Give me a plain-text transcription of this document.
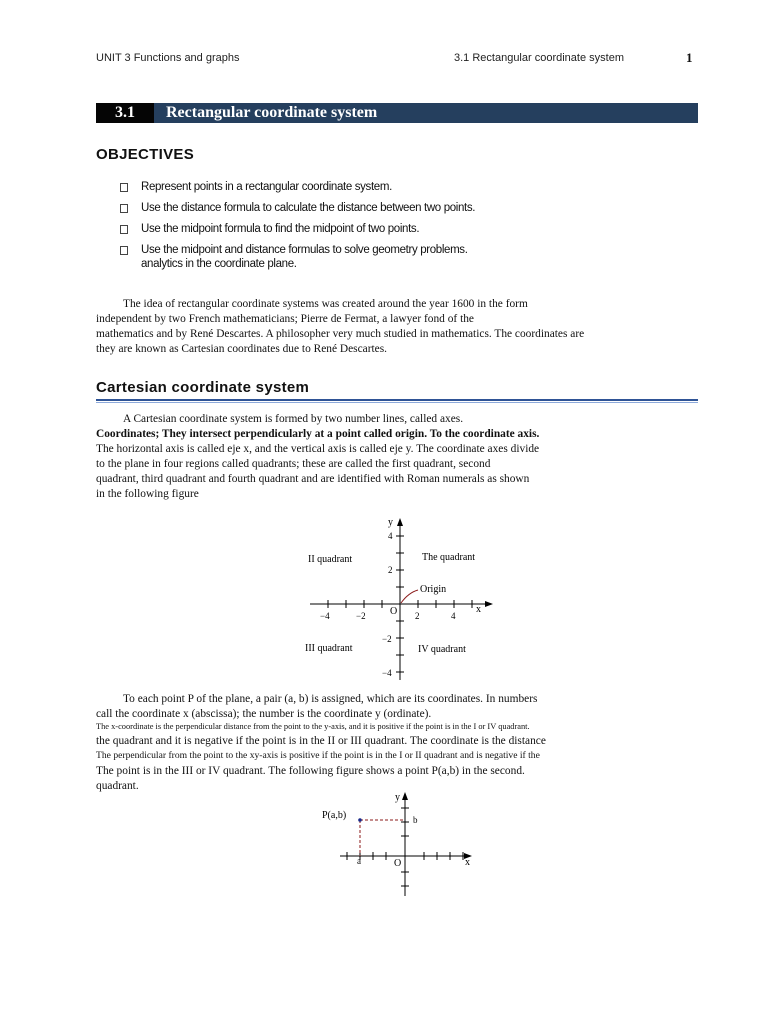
UNIT 3 Functions and graphs	3.1 Rectangular coordinate system	1
3.1	Rectangular coordinate system
OBJECTIVES
Represent points in a rectangular coordinate system.
Use the distance formula to calculate the distance between two points.
Use the midpoint formula to find the midpoint of two points.
Use the midpoint and distance formulas to solve geometry problems.
analytics in the coordinate plane.

The idea of rectangular coordinate systems was created around the year 1600 in the form

independent by two French mathematicians; Pierre de Fermat, a lawyer fond of the

mathematics and by René Descartes. A philosopher very much studied in mathematics. The coordinates are

they are known as Cartesian coordinates due to René Descartes.

Cartesian coordinate system

A Cartesian coordinate system is formed by two number lines, called axes.

Coordinates; They intersect perpendicularly at a point called origin. To the coordinate axis.

The horizontal axis is called eje x, and the vertical axis is called eje y. The coordinate axes divide

to the plane in four regions called quadrants; these are called the first quadrant, second

quadrant, third quadrant and fourth quadrant and are identified with Roman numerals as shown

in the following figure

y
x
O
Origin
The quadrant
II quadrant
III quadrant	IV quadrant
−4	−2	2	4
4
2
−2
−4

To each point P of the plane, a pair (a, b) is assigned, which are its coordinates. In numbers

call the coordinate x (abscissa); the number is the coordinate y (ordinate).

The x-coordinate is the perpendicular distance from the point to the y-axis, and it is positive if the point is in the I or IV quadrant.

the quadrant and it is negative if the point is in the II or III quadrant. The coordinate is the distance

The perpendicular from the point to the xy-axis is positive if the point is in the I or II quadrant and is negative if the

The point is in the III or IV quadrant. The following figure shows a point P(a,b) in the second.

quadrant.

y
x
O
P(a,b)
a
b
